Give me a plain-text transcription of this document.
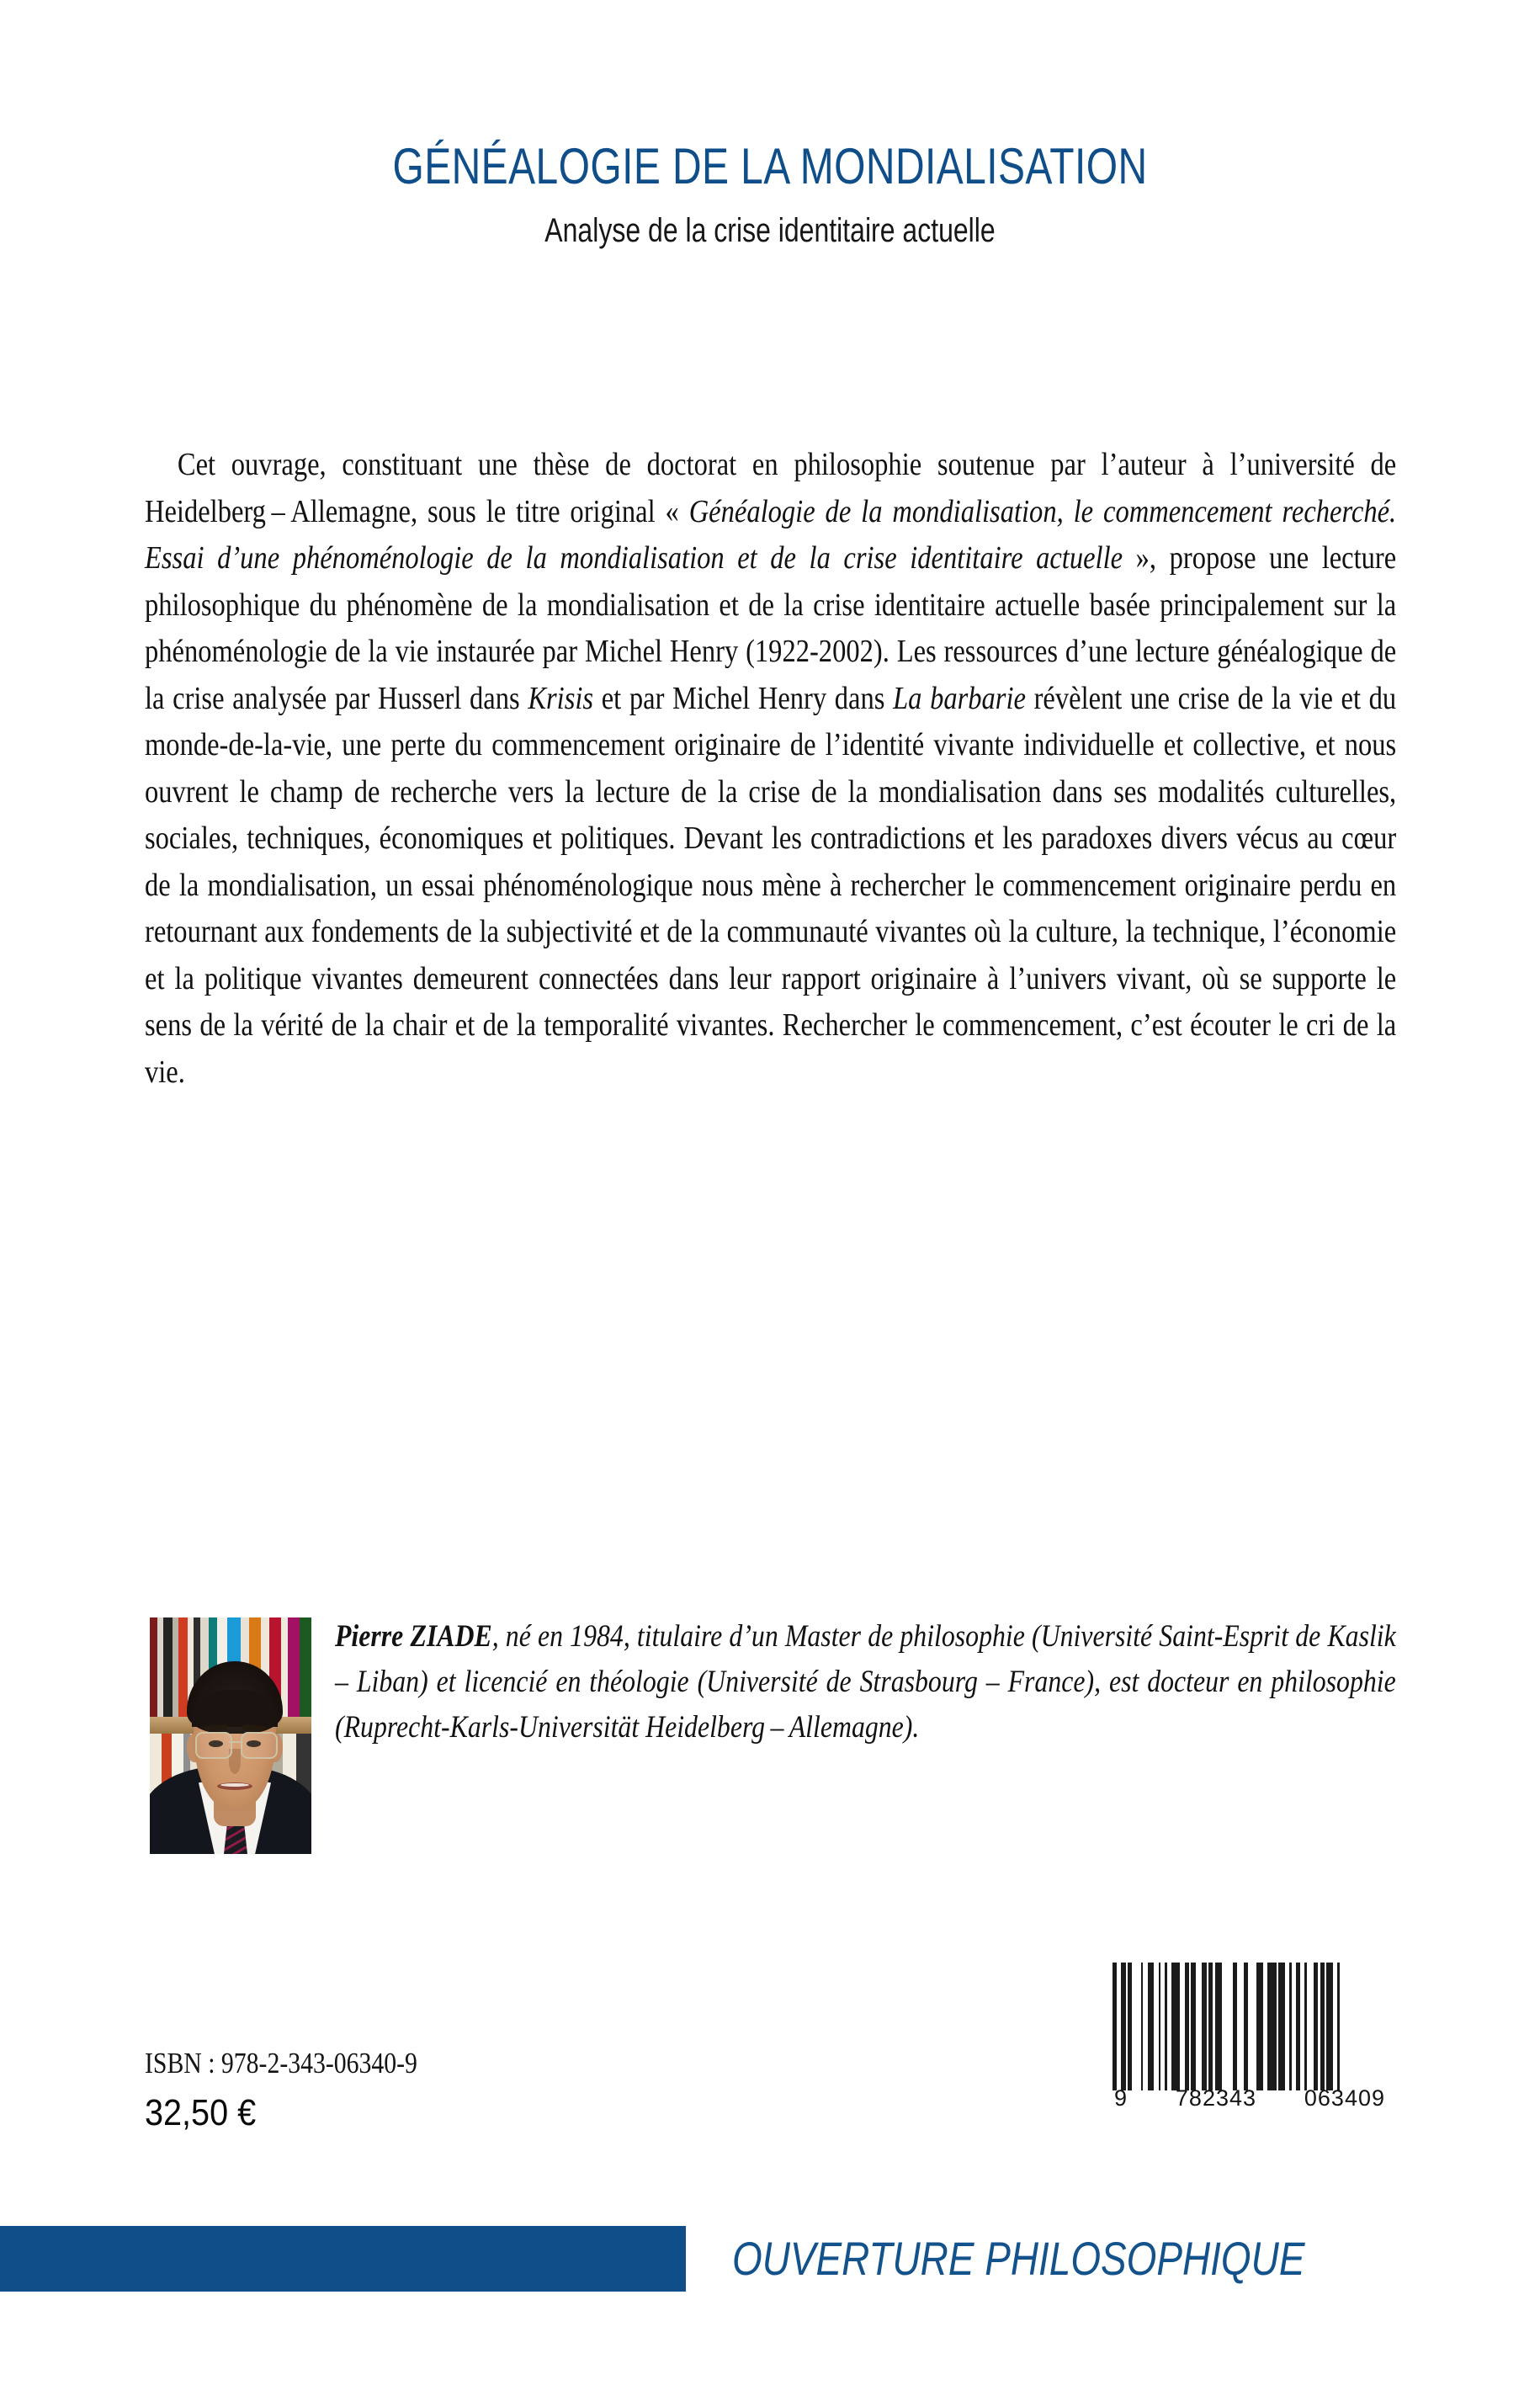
GÉNÉALOGIE DE LA MONDIALISATION
Analyse de la crise identitaire actuelle
Cet ouvrage, constituant une thèse de doctorat en philosophie soutenue par l’auteur à l’université de Heidelberg – Allemagne, sous le titre original « Généalogie de la mondialisation, le commencement recherché. Essai d’une phénoménologie de la mondialisation et de la crise identitaire actuelle », propose une lecture philosophique du phénomène de la mondialisation et de la crise identitaire actuelle basée principalement sur la phénoménologie de la vie instaurée par Michel Henry (1922-2002). Les ressources d’une lecture généalogique de la crise analysée par Husserl dans Krisis et par Michel Henry dans La barbarie révèlent une crise de la vie et du monde-de-la-vie, une perte du commencement originaire de l’identité vivante individuelle et collective, et nous ouvrent le champ de recherche vers la lecture de la crise de la mondialisation dans ses modalités culturelles, sociales, techniques, économiques et politiques. Devant les contradictions et les paradoxes divers vécus au cœur de la mondialisation, un essai phénoménologique nous mène à rechercher le commencement originaire perdu en retournant aux fondements de la subjectivité et de la communauté vivantes où la culture, la technique, l’économie et la politique vivantes demeurent connectées dans leur rapport originaire à l’univers vivant, où se supporte le sens de la vérité de la chair et de la temporalité vivantes. Rechercher le commencement, c’est écouter le cri de la vie.
Pierre ZIADE, né en 1984, titulaire d’un Master de philosophie (Université Saint-Esprit de Kaslik – Liban) et licencié en théologie (Université de Strasbourg – France), est docteur en philosophie (Ruprecht-Karls-Universität Heidelberg – Allemagne).
ISBN : 978-2-343-06340-9
32,50 €	9 782343 063409
OUVERTURE PHILOSOPHIQUE
